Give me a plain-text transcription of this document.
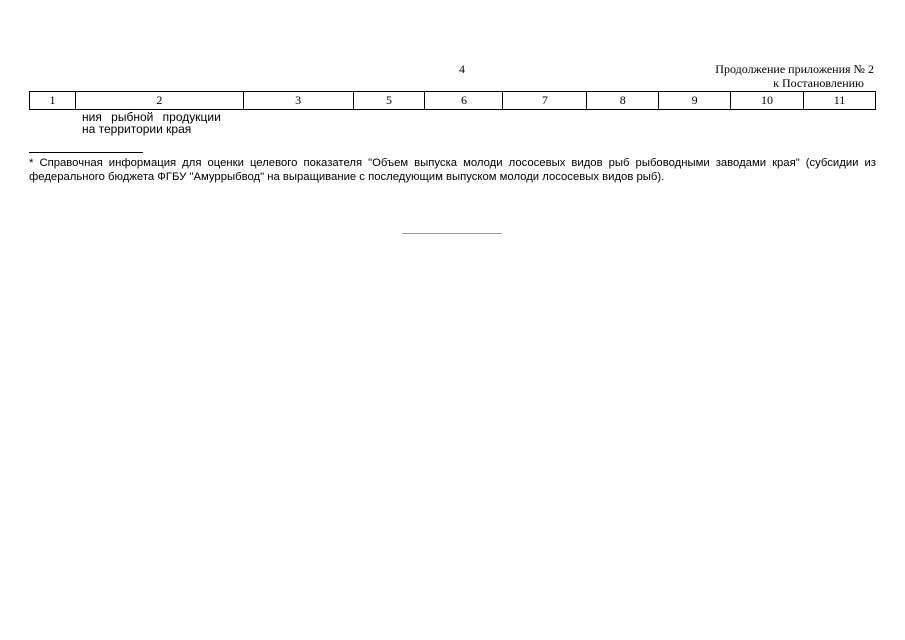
4	Продолжение приложения № 2
к Постановлению
1	2	3	5	6	7	8	9	10	11
ния рыбной продукции
на территории края
* Справочная информация для оценки целевого показателя "Объем выпуска молоди лососевых видов рыб рыбоводными заводами края" (субсидии из федерального бюджета ФГБУ "Амуррыбвод" на выращивание с последующим выпуском молоди лососевых видов рыб).
